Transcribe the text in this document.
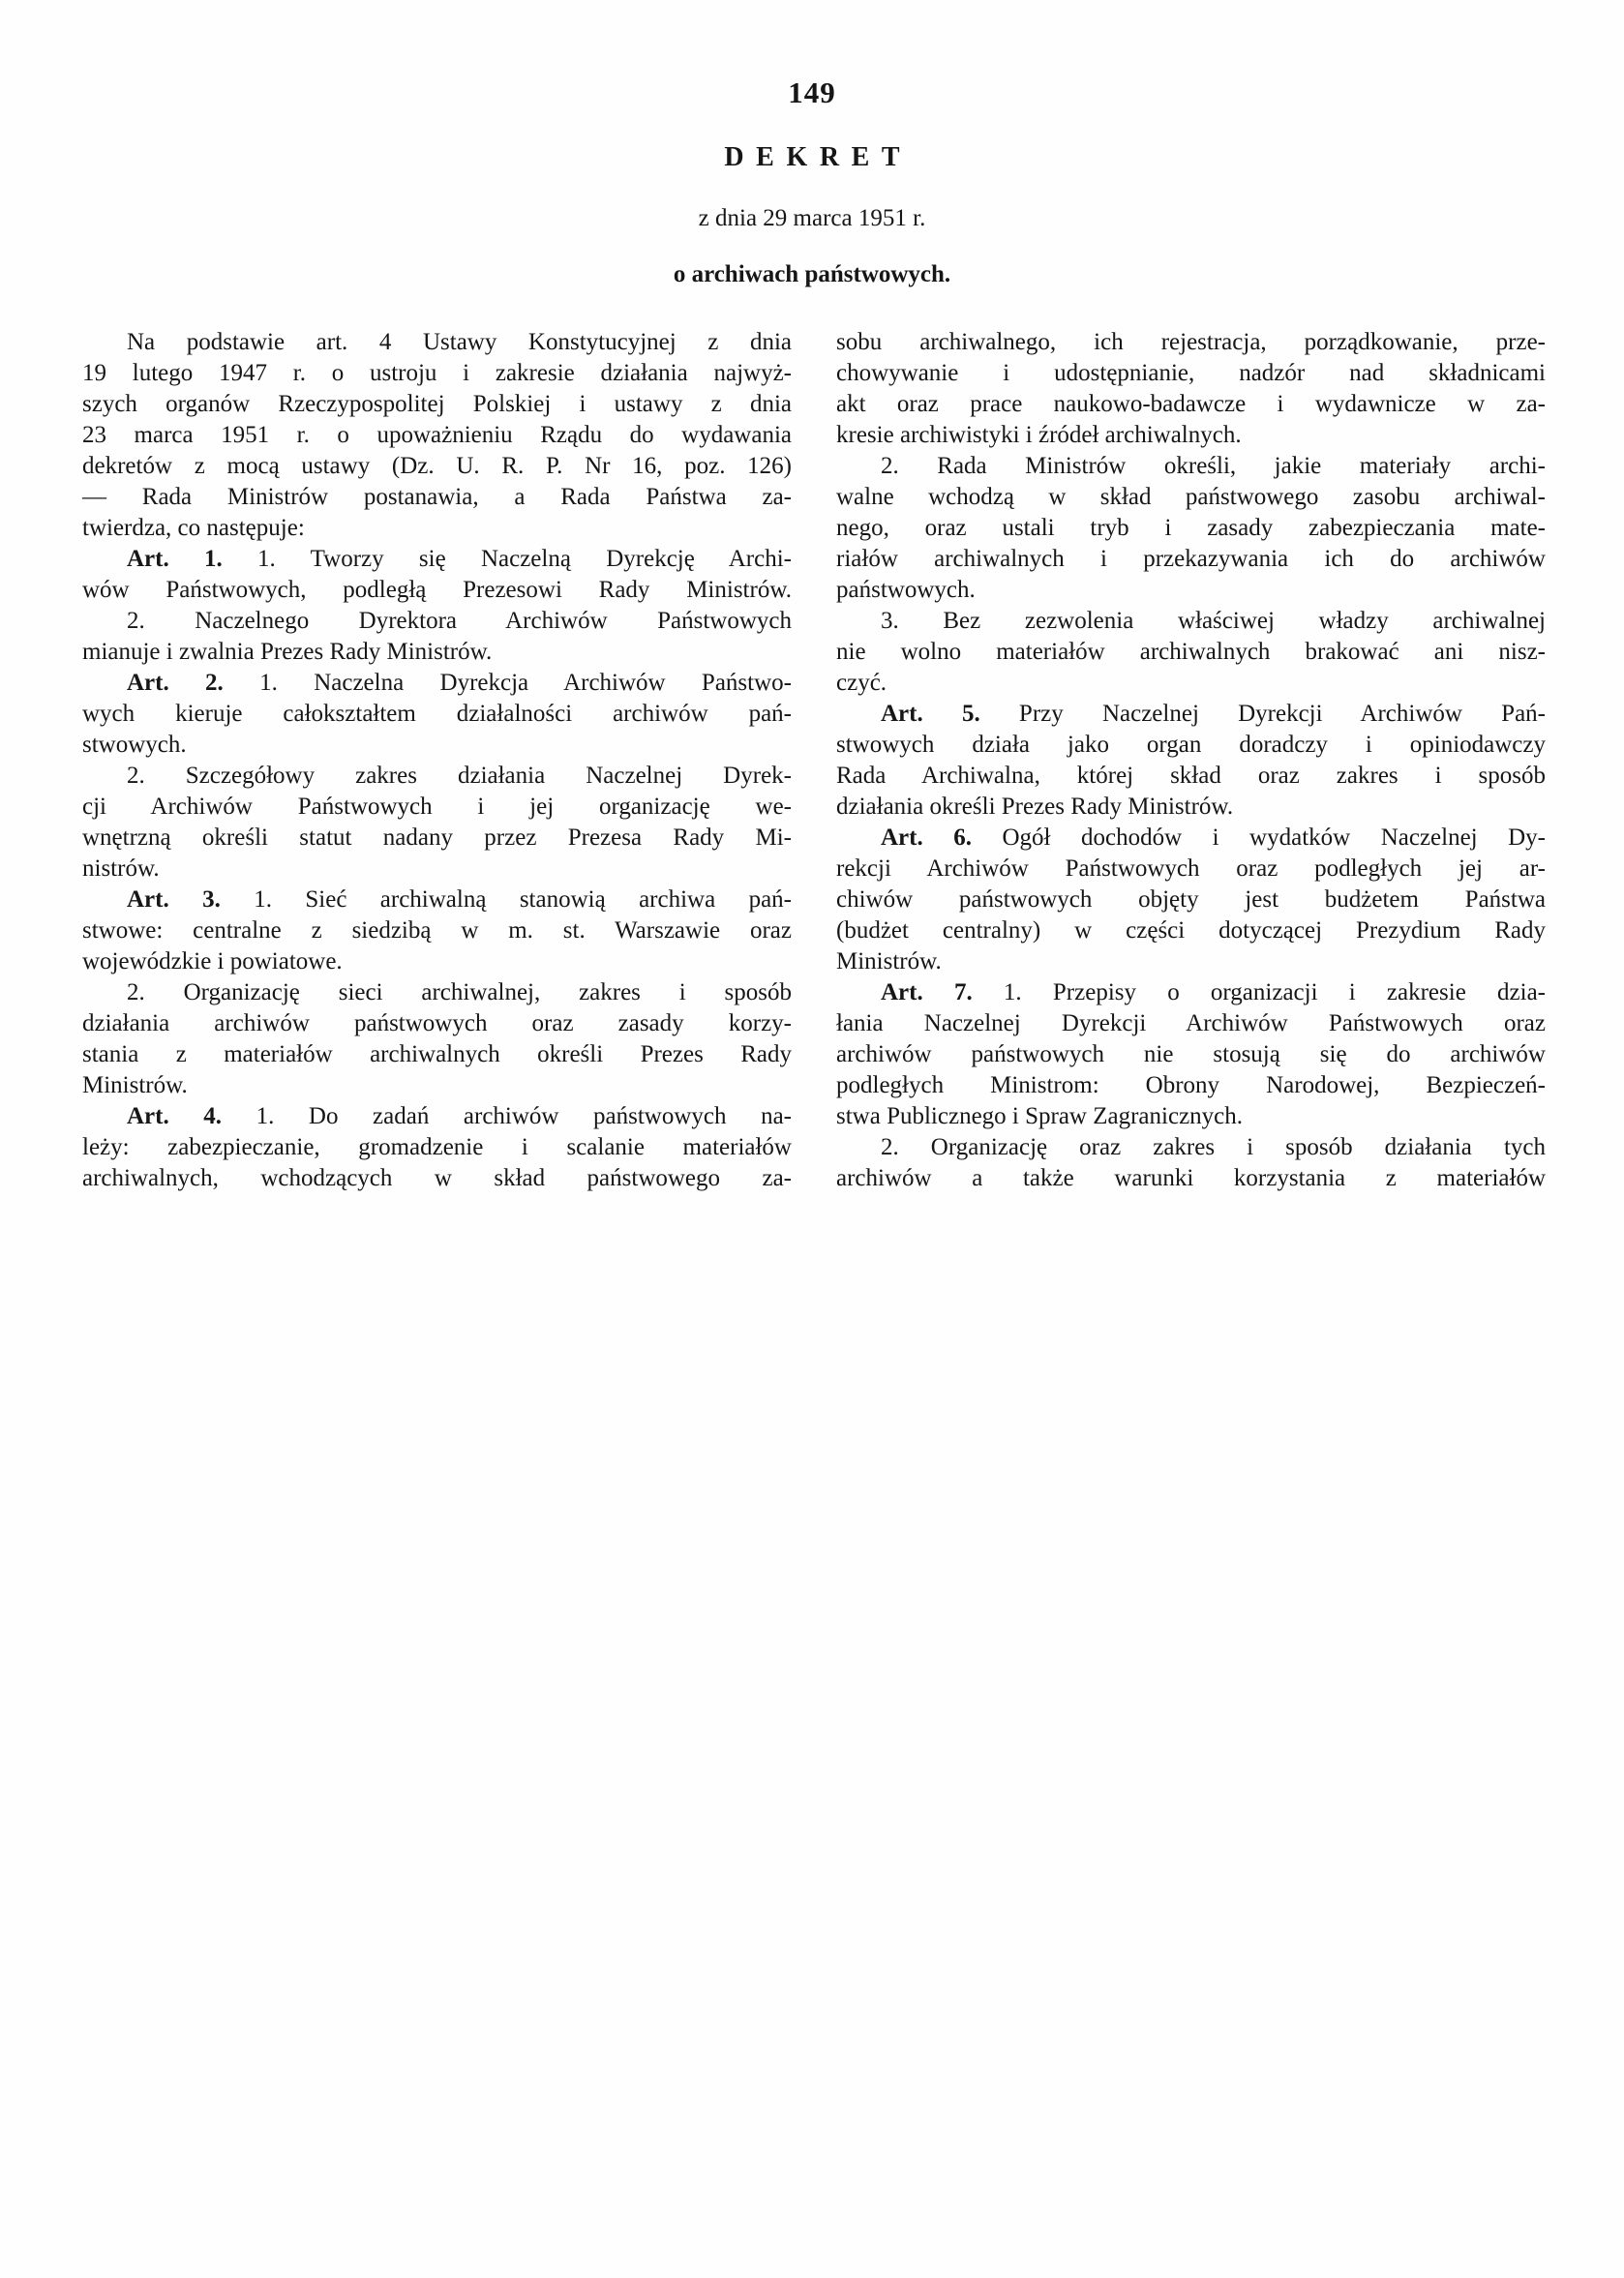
149
DEKRET
z dnia 29 marca 1951 r.
o archiwach państwowych.
Na podstawie art. 4 Ustawy Konstytucyjnej z dnia
19 lutego 1947 r. o ustroju i zakresie działania najwyż-
szych organów Rzeczypospolitej Polskiej i ustawy z dnia
23 marca 1951 r. o upoważnieniu Rządu do wydawania
dekretów z mocą ustawy (Dz. U. R. P. Nr 16, poz. 126)
— Rada Ministrów postanawia, a Rada Państwa za-
twierdza, co następuje:
Art. 1. 1. Tworzy się Naczelną Dyrekcję Archi-
wów Państwowych, podległą Prezesowi Rady Ministrów.
2. Naczelnego Dyrektora Archiwów Państwowych
mianuje i zwalnia Prezes Rady Ministrów.
Art. 2. 1. Naczelna Dyrekcja Archiwów Państwo-
wych kieruje całokształtem działalności archiwów pań-
stwowych.
2. Szczegółowy zakres działania Naczelnej Dyrek-
cji Archiwów Państwowych i jej organizację we-
wnętrzną określi statut nadany przez Prezesa Rady Mi-
nistrów.
Art. 3. 1. Sieć archiwalną stanowią archiwa pań-
stwowe: centralne z siedzibą w m. st. Warszawie oraz
wojewódzkie i powiatowe.
2. Organizację sieci archiwalnej, zakres i sposób
działania archiwów państwowych oraz zasady korzy-
stania z materiałów archiwalnych określi Prezes Rady
Ministrów.
Art. 4. 1. Do zadań archiwów państwowych na-
leży: zabezpieczanie, gromadzenie i scalanie materiałów
archiwalnych, wchodzących w skład państwowego za-
sobu archiwalnego, ich rejestracja, porządkowanie, prze-
chowywanie i udostępnianie, nadzór nad składnicami
akt oraz prace naukowo-badawcze i wydawnicze w za-
kresie archiwistyki i źródeł archiwalnych.
2. Rada Ministrów określi, jakie materiały archi-
walne wchodzą w skład państwowego zasobu archiwal-
nego, oraz ustali tryb i zasady zabezpieczania mate-
riałów archiwalnych i przekazywania ich do archiwów
państwowych.
3. Bez zezwolenia właściwej władzy archiwalnej
nie wolno materiałów archiwalnych brakować ani nisz-
czyć.
Art. 5. Przy Naczelnej Dyrekcji Archiwów Pań-
stwowych działa jako organ doradczy i opiniodawczy
Rada Archiwalna, której skład oraz zakres i sposób
działania określi Prezes Rady Ministrów.
Art. 6. Ogół dochodów i wydatków Naczelnej Dy-
rekcji Archiwów Państwowych oraz podległych jej ar-
chiwów państwowych objęty jest budżetem Państwa
(budżet centralny) w części dotyczącej Prezydium Rady
Ministrów.
Art. 7. 1. Przepisy o organizacji i zakresie dzia-
łania Naczelnej Dyrekcji Archiwów Państwowych oraz
archiwów państwowych nie stosują się do archiwów
podległych Ministrom: Obrony Narodowej, Bezpieczeń-
stwa Publicznego i Spraw Zagranicznych.
2. Organizację oraz zakres i sposób działania tych
archiwów a także warunki korzystania z materiałów
